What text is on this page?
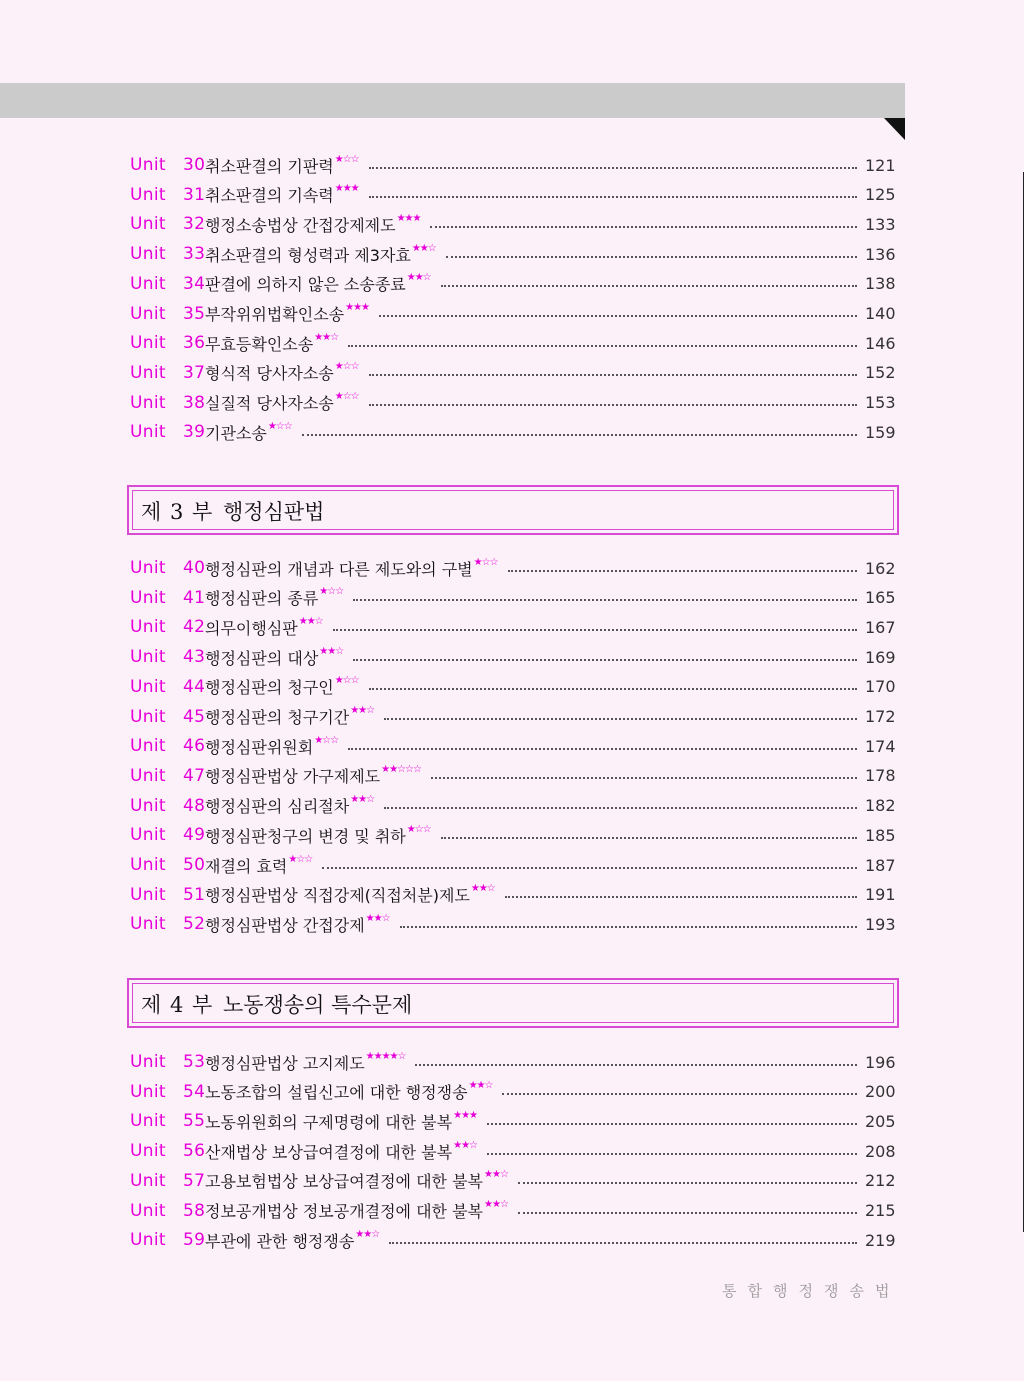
Unit 30 취소판결의 기판력 ★☆☆	121
Unit 31 취소판결의 기속력 ★★★	125
Unit 32 행정소송법상 간접강제제도 ★★★	133
Unit 33 취소판결의 형성력과 제3자효 ★★☆	136
Unit 34 판결에 의하지 않은 소송종료 ★★☆	138
Unit 35 부작위위법확인소송 ★★★	140
Unit 36 무효등확인소송 ★★☆	146
Unit 37 형식적 당사자소송 ★☆☆	152
Unit 38 실질적 당사자소송 ★☆☆	153
Unit 39 기관소송 ★☆☆	159
제 3 부 행정심판법
Unit 40 행정심판의 개념과 다른 제도와의 구별 ★☆☆	162
Unit 41 행정심판의 종류 ★☆☆	165
Unit 42 의무이행심판 ★★☆	167
Unit 43 행정심판의 대상 ★★☆	169
Unit 44 행정심판의 청구인 ★☆☆	170
Unit 45 행정심판의 청구기간 ★★☆	172
Unit 46 행정심판위원회 ★☆☆	174
Unit 47 행정심판법상 가구제제도 ★★☆☆☆	178
Unit 48 행정심판의 심리절차 ★★☆	182
Unit 49 행정심판청구의 변경 및 취하 ★☆☆	185
Unit 50 재결의 효력 ★☆☆	187
Unit 51 행정심판법상 직접강제(직접처분)제도 ★★☆	191
Unit 52 행정심판법상 간접강제 ★★☆	193
제 4 부 노동쟁송의 특수문제
Unit 53 행정심판법상 고지제도 ★★★★☆	196
Unit 54 노동조합의 설립신고에 대한 행정쟁송 ★★☆	200
Unit 55 노동위원회의 구제명령에 대한 불복 ★★★	205
Unit 56 산재법상 보상급여결정에 대한 불복 ★★☆	208
Unit 57 고용보험법상 보상급여결정에 대한 불복 ★★☆	212
Unit 58 정보공개법상 정보공개결정에 대한 불복 ★★☆	215
Unit 59 부관에 관한 행정쟁송 ★★☆	219
통합행정쟁송법
